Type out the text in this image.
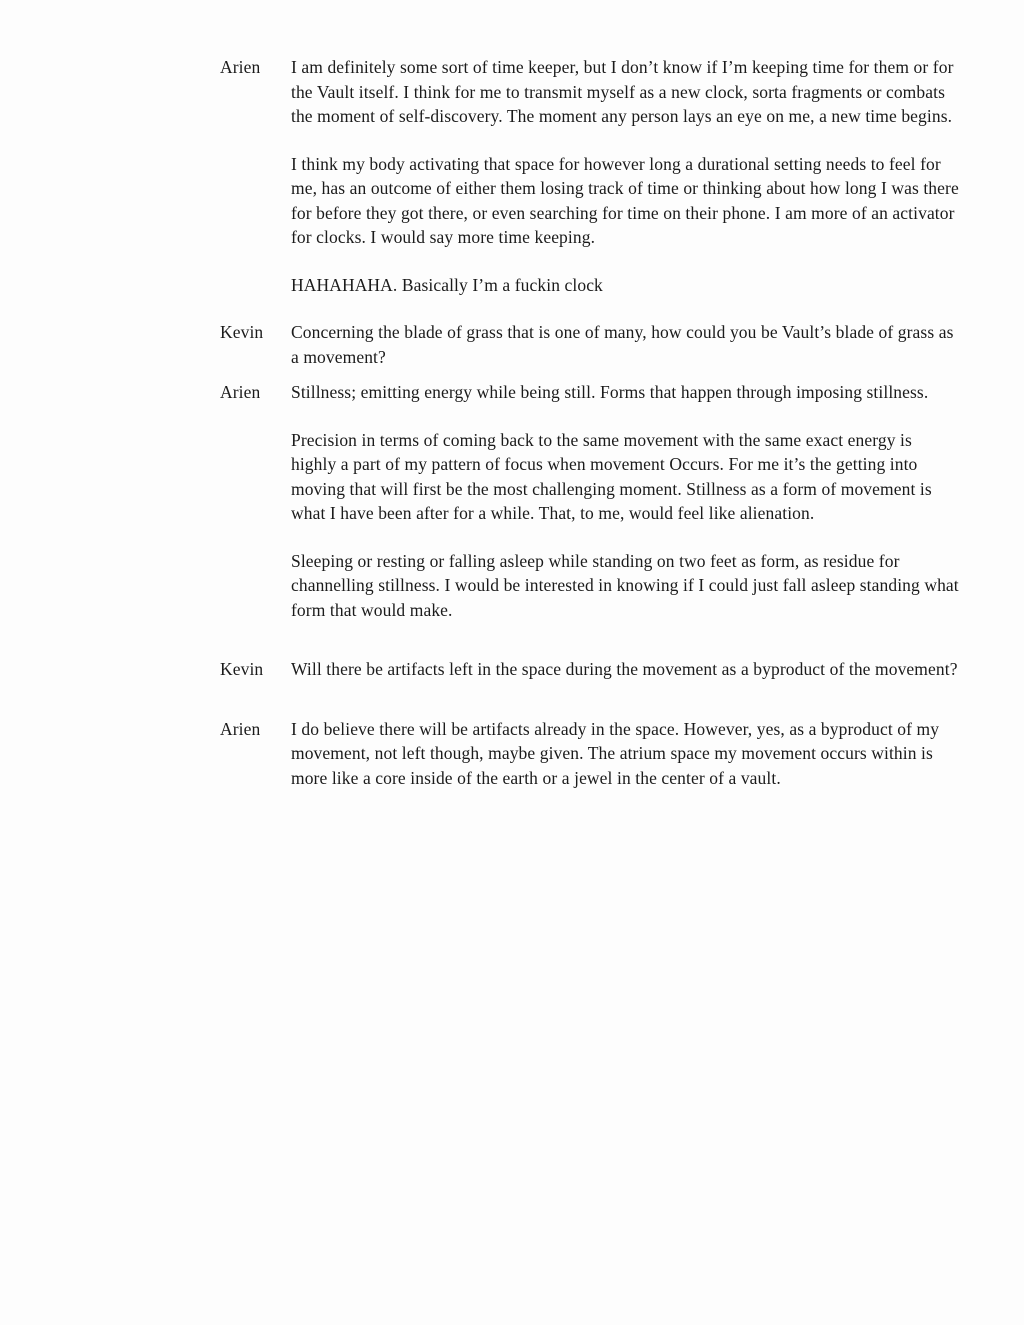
Arien	I am definitely some sort of time keeper, but I don’t know if I’m keeping time for them or for the Vault itself. I think for me to transmit myself as a new clock, sorta fragments or combats the moment of self-discovery. The moment any person lays an eye on me, a new time begins.

I think my body activating that space for however long a durational setting needs to feel for me, has an outcome of either them losing track of time or thinking about how long I was there for before they got there, or even searching for time on their phone. I am more of an activator for clocks. I would say more time keeping.

HAHAHAHA. Basically I’m a fuckin clock

Kevin	Concerning the blade of grass that is one of many, how could you be Vault’s blade of grass as a movement?

Arien	Stillness; emitting energy while being still. Forms that happen through imposing stillness.

Precision in terms of coming back to the same movement with the same exact energy is highly a part of my pattern of focus when movement Occurs. For me it’s the getting into moving that will first be the most challenging moment. Stillness as a form of movement is what I have been after for a while. That, to me, would feel like alienation.

Sleeping or resting or falling asleep while standing on two feet as form, as residue for channelling stillness. I would be interested in knowing if I could just fall asleep standing what form that would make.

Kevin	Will there be artifacts left in the space during the movement as a byproduct of the movement?

Arien	I do believe there will be artifacts already in the space. However, yes, as a byproduct of my movement, not left though, maybe given. The atrium space my movement occurs within is more like a core inside of the earth or a jewel in the center of a vault.
